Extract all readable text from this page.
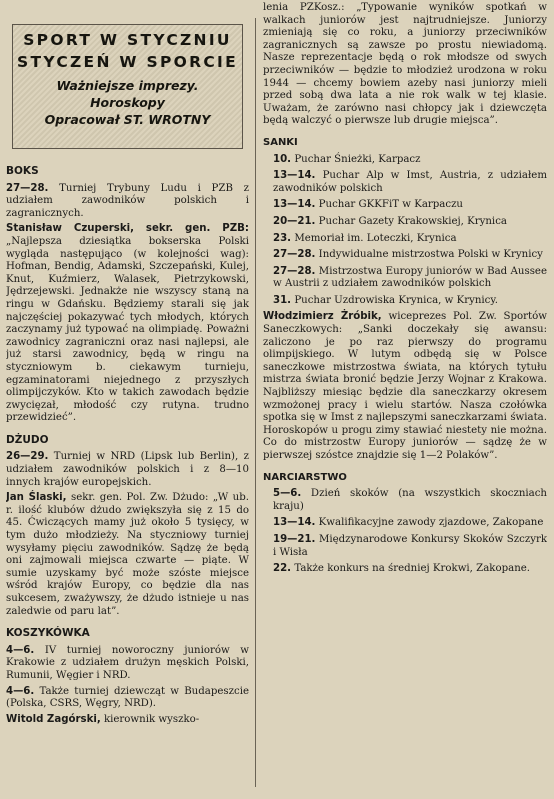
SPORT W STYCZNIU
STYCZEŃ W SPORCIE
Ważniejsze imprezy.
Horoskopy
Opracował ST. WROTNY
BOKS

27—28. Turniej Trybuny Ludu i PZB z udziałem zawodników polskich i zagranicznych.

Stanisław Czuperski, sekr. gen. PZB: „Najlepsza dziesiątka bokserska Polski wygląda następująco (w kolejności wag): Hofman, Bendig, Adamski, Szczepański, Kulej, Knut, Kuźmierz, Walasek, Pietrzykowski, Jędrzejewski. Jednakże nie wszyscy staną na ringu w Gdańsku. Będziemy starali się jak najczęściej pokazywać tych młodych, których zaczynamy już typować na olimpiadę. Poważni zawodnicy zagraniczni oraz nasi najlepsi, ale już starsi zawodnicy, będą w ringu na styczniowym b. ciekawym turnieju, egzaminatorami niejednego z przyszłych olimpijczyków. Kto w takich zawodach będzie zwycięzał, młodość czy rutyna. trudno przewidzieć”.

DŻUDO

26—29. Turniej w NRD (Lipsk lub Berlin), z udziałem zawodników polskich i z 8—10 innych krajów europejskich.

Jan Ślaski, sekr. gen. Pol. Zw. Dżudo: „W ub. r. ilość klubów dżudo zwiększyła się z 15 do 45. Ćwiczących mamy już około 5 tysięcy, w tym dużo młodzieży. Na styczniowy turniej wysyłamy pięciu zawodników. Sądzę że będą oni zajmowali miejsca czwarte — piąte. W sumie uzyskamy być może szóste miejsce wśród krajów Europy, co będzie dla nas sukcesem, zważywszy, że dżudo istnieje u nas zaledwie od paru lat”.

KOSZYKÓWKA

4—6. IV turniej noworoczny juniorów w Krakowie z udziałem drużyn męskich Polski, Rumunii, Węgier i NRD.

4—6. Także turniej dziewcząt w Budapeszcie (Polska, CSRS, Węgry, NRD).

Witold Zagórski, kierownik wyszko-

lenia PZKosz.: „Typowanie wyników spotkań w walkach juniorów jest najtrudniejsze. Juniorzy zmieniają się co roku, a juniorzy przeciwników zagranicznych są zawsze po prostu niewiadomą. Nasze reprezentacje będą o rok młodsze od swych przeciwników — będzie to młodzież urodzona w roku 1944 — chcemy bowiem azeby nasi juniorzy mieli przed sobą dwa lata a nie rok walk w tej klasie. Uważam, że zarówno nasi chłopcy jak i dziewczęta będą walczyć o pierwsze lub drugie miejsca”.

SANKI

10. Puchar Śnieżki, Karpacz

13—14. Puchar Alp w Imst, Austria, z udziałem zawodników polskich

13—14. Puchar GKKFiT w Karpaczu

20—21. Puchar Gazety Krakowskiej, Krynica

23. Memoriał im. Loteczki, Krynica

27—28. Indywidualne mistrzostwa Polski w Krynicy

27—28. Mistrzostwa Europy juniorów w Bad Aussee w Austrii z udziałem zawodników polskich

31. Puchar Uzdrowiska Krynica, w Krynicy.

Włodzimierz Żróbik, wiceprezes Pol. Zw. Sportów Saneczkowych: „Sanki doczekały się awansu: zaliczono je po raz pierwszy do programu olimpijskiego. W lutym odbędą się w Polsce saneczkowe mistrzostwa świata, na których tytułu mistrza świata bronić będzie Jerzy Wojnar z Krakowa. Najbliższy miesiąc będzie dla saneczkarzy okresem wzmożonej pracy i wielu startów. Nasza czołówka spotka się w Imst z najlepszymi saneczkarzami świata. Horoskopów u progu zimy stawiać niestety nie można. Co do mistrzostw Europy juniorów — sądzę że w pierwszej szóstce znajdzie się 1—2 Polaków”.

NARCIARSTWO

5—6. Dzień skoków (na wszystkich skoczniach kraju)

13—14. Kwalifikacyjne zawody zjazdowe, Zakopane

19—21. Międzynarodowe Konkursy Skoków Szczyrk i Wisła

22. Także konkurs na średniej Krokwi, Zakopane.
